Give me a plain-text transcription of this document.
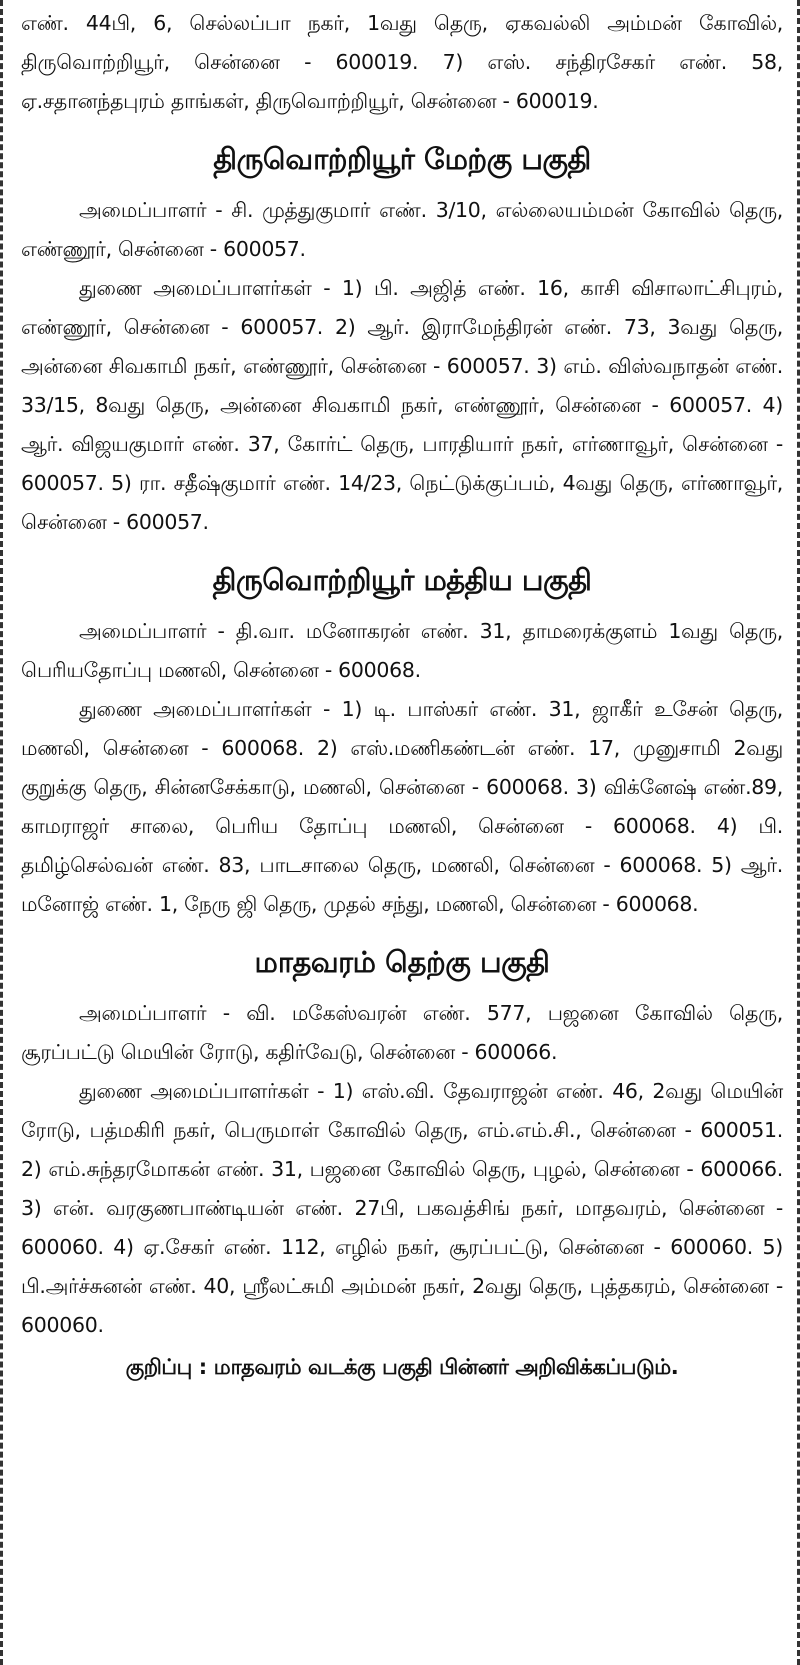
எண். 44பி, 6, செல்லப்பா நகர், 1வது தெரு, ஏகவல்லி அம்மன் கோவில், திருவொற்றியூர், சென்னை - 600019. 7) எஸ். சந்திரசேகர் எண். 58, ஏ.சதானந்தபுரம் தாங்கள், திருவொற்றியூர், சென்னை - 600019.

திருவொற்றியூர் மேற்கு பகுதி

அமைப்பாளர் - சி. முத்துகுமார் எண். 3/10, எல்லையம்மன் கோவில் தெரு, எண்ணூர், சென்னை - 600057.

துணை அமைப்பாளர்கள் - 1) பி. அஜித் எண். 16, காசி விசாலாட்சிபுரம், எண்ணூர், சென்னை - 600057. 2) ஆர். இராமேந்திரன் எண். 73, 3வது தெரு, அன்னை சிவகாமி நகர், எண்ணூர், சென்னை - 600057. 3) எம். விஸ்வநாதன் எண். 33/15, 8வது தெரு, அன்னை சிவகாமி நகர், எண்ணூர், சென்னை - 600057. 4) ஆர். விஜயகுமார் எண். 37, கோர்ட் தெரு, பாரதியார் நகர், எர்ணாவூர், சென்னை - 600057. 5) ரா. சதீஷ்குமார் எண். 14/23, நெட்டுக்குப்பம், 4வது தெரு, எர்ணாவூர், சென்னை - 600057.

திருவொற்றியூர் மத்திய பகுதி

அமைப்பாளர் - தி.வா. மனோகரன் எண். 31, தாமரைக்குளம் 1வது தெரு, பெரியதோப்பு மணலி, சென்னை - 600068.

துணை அமைப்பாளர்கள் - 1) டி. பாஸ்கர் எண். 31, ஜாகீர் உசேன் தெரு, மணலி, சென்னை - 600068. 2) எஸ்.மணிகண்டன் எண். 17, முனுசாமி 2வது குறுக்கு தெரு, சின்னசேக்காடு, மணலி, சென்னை - 600068. 3) விக்னேஷ் எண்.89, காமராஜர் சாலை, பெரிய தோப்பு மணலி, சென்னை - 600068. 4) பி. தமிழ்செல்வன் எண். 83, பாடசாலை தெரு, மணலி, சென்னை - 600068. 5) ஆர். மனோஜ் எண். 1, நேரு ஜி தெரு, முதல் சந்து, மணலி, சென்னை - 600068.

மாதவரம் தெற்கு பகுதி

அமைப்பாளர் - வி. மகேஸ்வரன் எண். 577, பஜனை கோவில் தெரு, சூரப்பட்டு மெயின் ரோடு, கதிர்வேடு, சென்னை - 600066.

துணை அமைப்பாளர்கள் - 1) எஸ்.வி. தேவராஜன் எண். 46, 2வது மெயின் ரோடு, பத்மகிரி நகர், பெருமாள் கோவில் தெரு, எம்.எம்.சி., சென்னை - 600051. 2) எம்.சுந்தரமோகன் எண். 31, பஜனை கோவில் தெரு, புழல், சென்னை - 600066. 3) என். வரகுணபாண்டியன் எண். 27பி, பகவத்சிங் நகர், மாதவரம், சென்னை - 600060. 4) ஏ.சேகர் எண். 112, எழில் நகர், சூரப்பட்டு, சென்னை - 600060. 5) பி.அர்ச்சுனன் எண். 40, ஸ்ரீலட்சுமி அம்மன் நகர், 2வது தெரு, புத்தகரம், சென்னை - 600060.

குறிப்பு : மாதவரம் வடக்கு பகுதி பின்னர் அறிவிக்கப்படும்.
